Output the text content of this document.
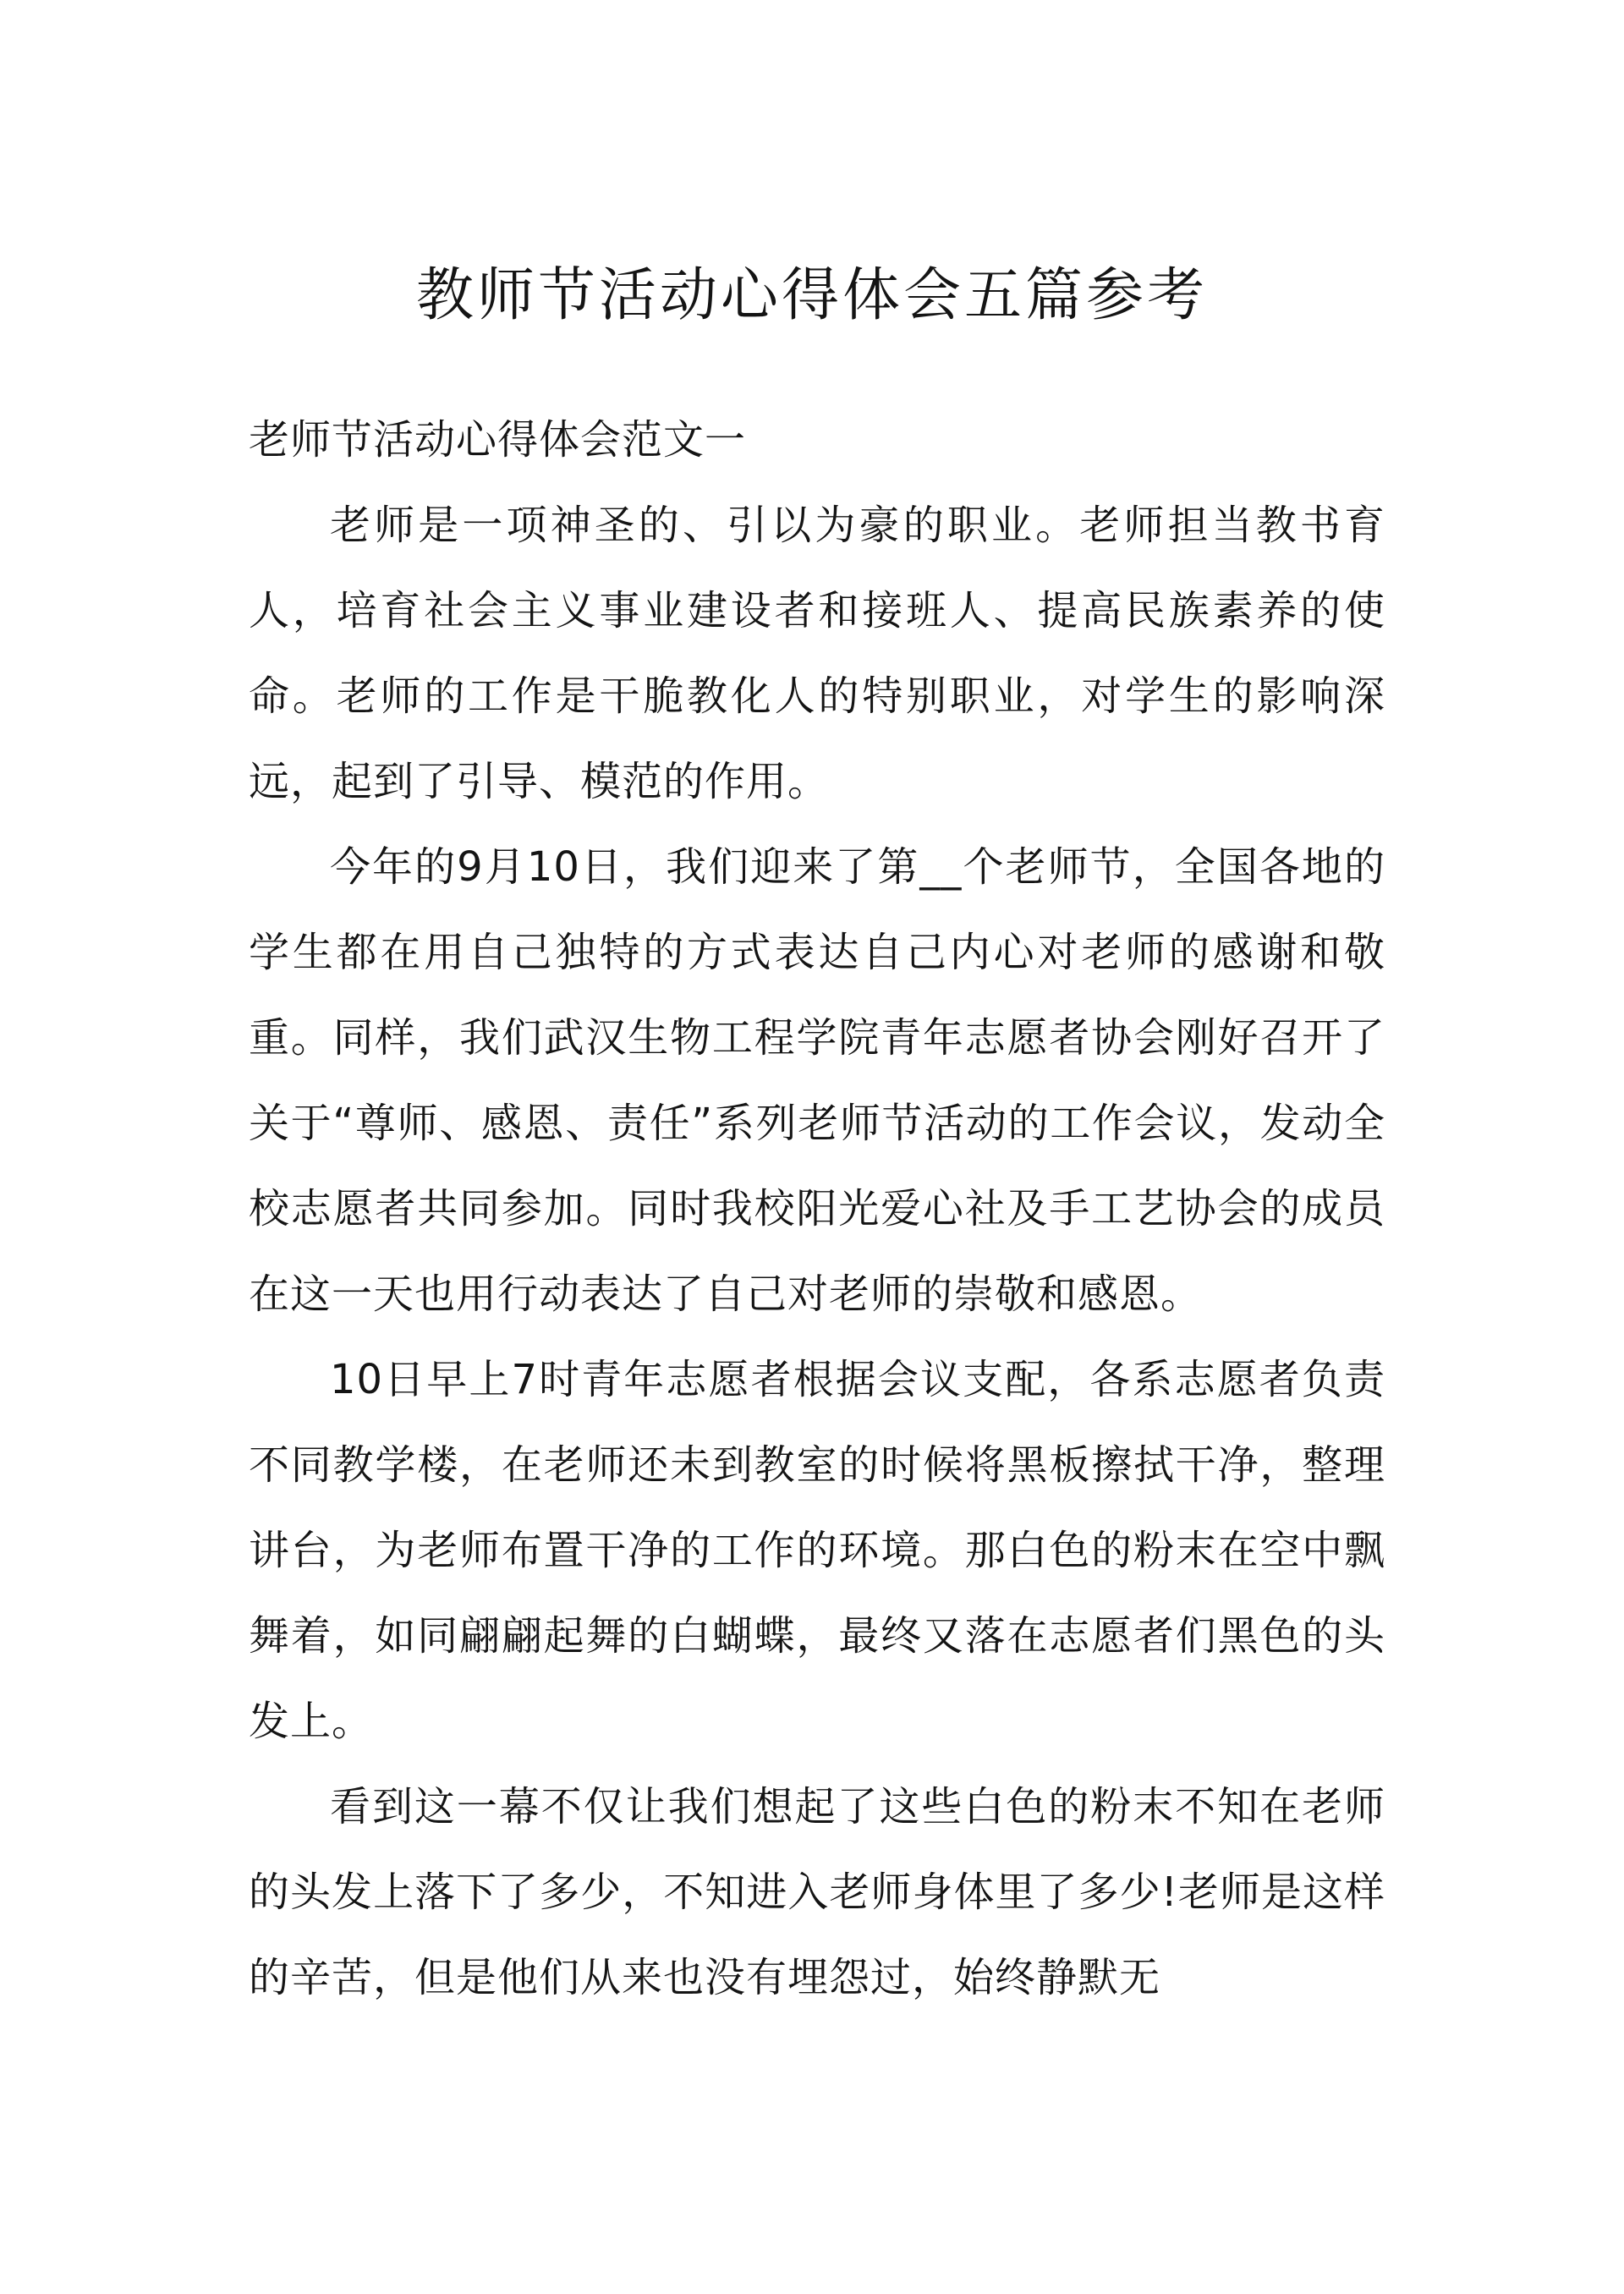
教师节活动心得体会五篇参考
老师节活动心得体会范文一

老师是一项神圣的、引以为豪的职业。老师担当教书育人，培育社会主义事业建设者和接班人、提高民族素养的使命。老师的工作是干脆教化人的特别职业，对学生的影响深远，起到了引导、模范的作用。

今年的9月10日，我们迎来了第__个老师节，全国各地的学生都在用自己独特的方式表达自己内心对老师的感谢和敬重。同样，我们武汉生物工程学院青年志愿者协会刚好召开了关于“尊师、感恩、责任”系列老师节活动的工作会议，发动全校志愿者共同参加。同时我校阳光爱心社及手工艺协会的成员在这一天也用行动表达了自己对老师的崇敬和感恩。

10日早上7时青年志愿者根据会议支配，各系志愿者负责不同教学楼，在老师还未到教室的时候将黑板擦拭干净，整理讲台，为老师布置干净的工作的环境。那白色的粉末在空中飘舞着，如同翩翩起舞的白蝴蝶，最终又落在志愿者们黑色的头发上。

看到这一幕不仅让我们想起了这些白色的粉末不知在老师的头发上落下了多少，不知进入老师身体里了多少!老师是这样的辛苦，但是他们从来也没有埋怨过，始终静默无
